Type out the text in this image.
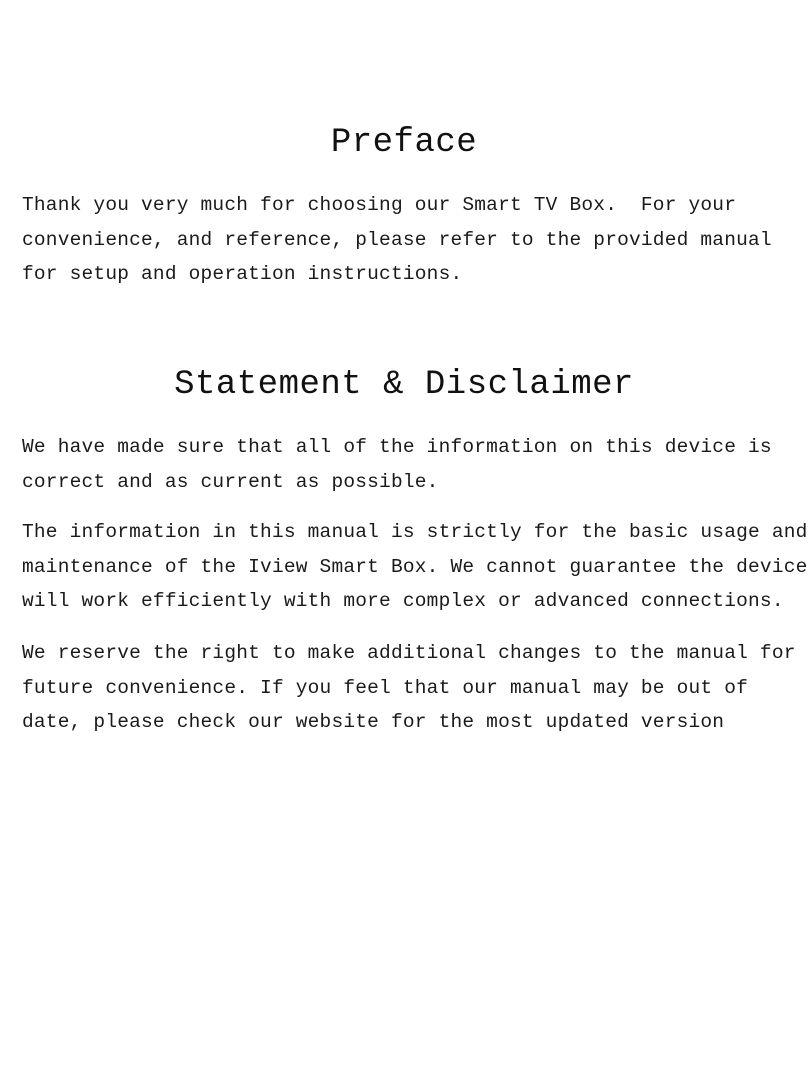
Preface

Thank you very much for choosing our Smart TV Box.  For your
convenience, and reference, please refer to the provided manual
for setup and operation instructions.

Statement & Disclaimer

We have made sure that all of the information on this device is
correct and as current as possible.

The information in this manual is strictly for the basic usage and
maintenance of the Iview Smart Box. We cannot guarantee the device
will work efficiently with more complex or advanced connections.

We reserve the right to make additional changes to the manual for
future convenience. If you feel that our manual may be out of
date, please check our website for the most updated version
